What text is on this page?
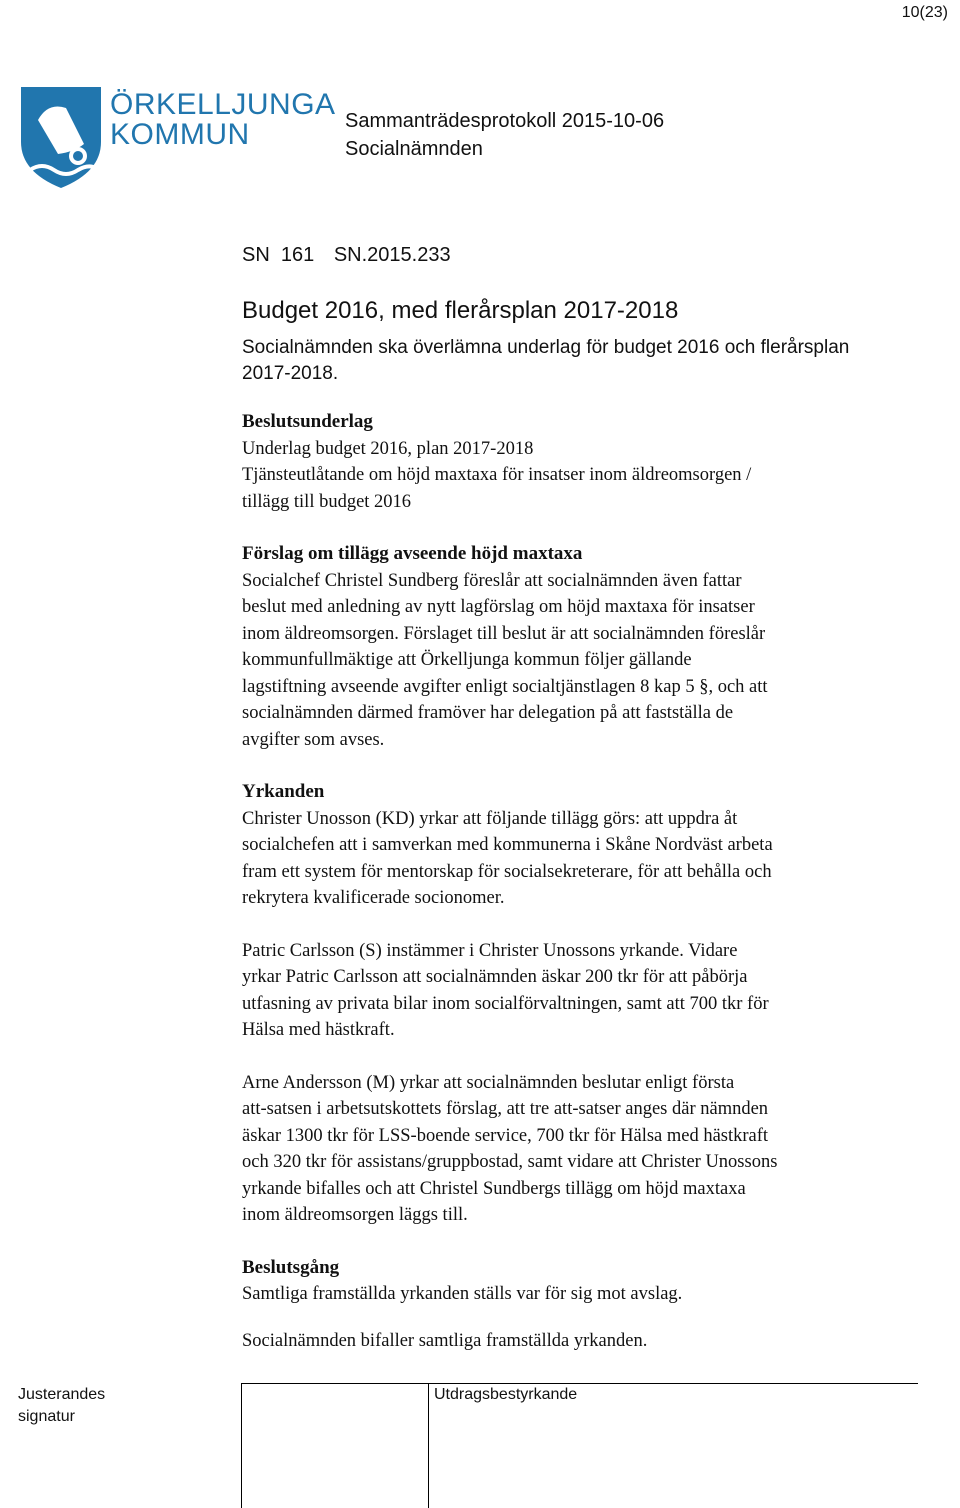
10(23)
ÖRKELLJUNGA
KOMMUN	Sammanträdesprotokoll 2015-10-06
Socialnämnden
SN  161 SN.2015.233
Budget 2016, med flerårsplan 2017-2018
Socialnämnden ska överlämna underlag för budget 2016 och flerårsplan
2017-2018.
Beslutsunderlag
Underlag budget 2016, plan 2017-2018
Tjänsteutlåtande om höjd maxtaxa för insatser inom äldreomsorgen /
tillägg till budget 2016
Förslag om tillägg avseende höjd maxtaxa
Socialchef Christel Sundberg föreslår att socialnämnden även fattar
beslut med anledning av nytt lagförslag om höjd maxtaxa för insatser
inom äldreomsorgen. Förslaget till beslut är att socialnämnden föreslår
kommunfullmäktige att Örkelljunga kommun följer gällande
lagstiftning avseende avgifter enligt socialtjänstlagen 8 kap 5 §, och att
socialnämnden därmed framöver har delegation på att fastställa de
avgifter som avses.
Yrkanden
Christer Unosson (KD) yrkar att följande tillägg görs: att uppdra åt
socialchefen att i samverkan med kommunerna i Skåne Nordväst arbeta
fram ett system för mentorskap för socialsekreterare, för att behålla och
rekrytera kvalificerade socionomer.
Patric Carlsson (S) instämmer i Christer Unossons yrkande. Vidare
yrkar Patric Carlsson att socialnämnden äskar 200 tkr för att påbörja
utfasning av privata bilar inom socialförvaltningen, samt att 700 tkr för
Hälsa med hästkraft.
Arne Andersson (M) yrkar att socialnämnden beslutar enligt första
att-satsen i arbetsutskottets förslag, att tre att-satser anges där nämnden
äskar 1300 tkr för LSS-boende service, 700 tkr för Hälsa med hästkraft
och 320 tkr för assistans/gruppbostad, samt vidare att Christer Unossons
yrkande bifalles och att Christel Sundbergs tillägg om höjd maxtaxa
inom äldreomsorgen läggs till.
Beslutsgång
Samtliga framställda yrkanden ställs var för sig mot avslag.
Socialnämnden bifaller samtliga framställda yrkanden.
Justerandes
signatur
Utdragsbestyrkande
